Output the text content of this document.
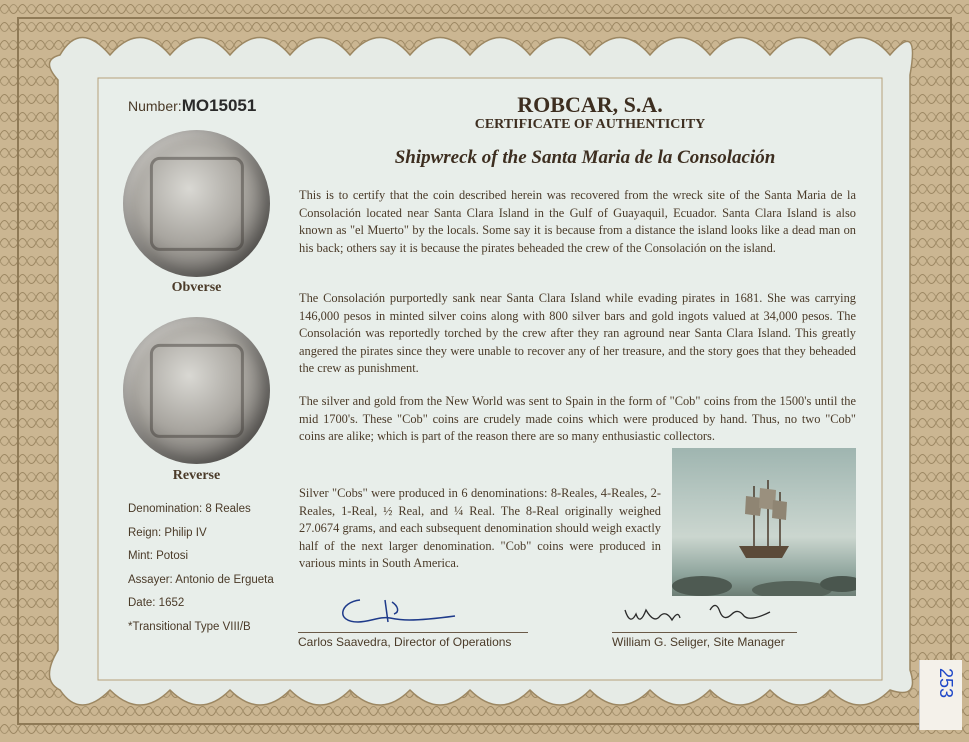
Number:MO15051
Obverse
Reverse
Denomination: 8 Reales
Reign: Philip IV
Mint: Potosi
Assayer: Antonio de Ergueta
Date: 1652
*Transitional Type VIII/B
ROBCAR, S.A.
CERTIFICATE OF AUTHENTICITY
Shipwreck of the Santa Maria de la Consolación
This is to certify that the coin described herein was recovered from the wreck site of the Santa Maria de la Consolación located near Santa Clara Island in the Gulf of Guayaquil, Ecuador. Santa Clara Island is also known as "el Muerto" by the locals. Some say it is because from a distance the island looks like a dead man on his back; others say it is because the pirates beheaded the crew of the Consolación on the island.
The Consolación purportedly sank near Santa Clara Island while evading pirates in 1681. She was carrying 146,000 pesos in minted silver coins along with 800 silver bars and gold ingots valued at 34,000 pesos. The Consolación was reportedly torched by the crew after they ran aground near Santa Clara Island. This greatly angered the pirates since they were unable to recover any of her treasure, and the story goes that they beheaded the crew as punishment.
The silver and gold from the New World was sent to Spain in the form of "Cob" coins from the 1500's until the mid 1700's. These "Cob" coins are crudely made coins which were produced by hand. Thus, no two "Cob" coins are alike; which is part of the reason there are so many enthusiastic collectors.
Silver "Cobs" were produced in 6 denominations: 8-Reales, 4-Reales, 2-Reales, 1-Real, ½ Real, and ¼ Real. The 8-Real originally weighed 27.0674 grams, and each subsequent denomination should weigh exactly half of the next larger denomination. "Cob" coins were produced in various mints in South America.
Carlos Saavedra, Director of Operations	William G. Seliger, Site Manager
253
